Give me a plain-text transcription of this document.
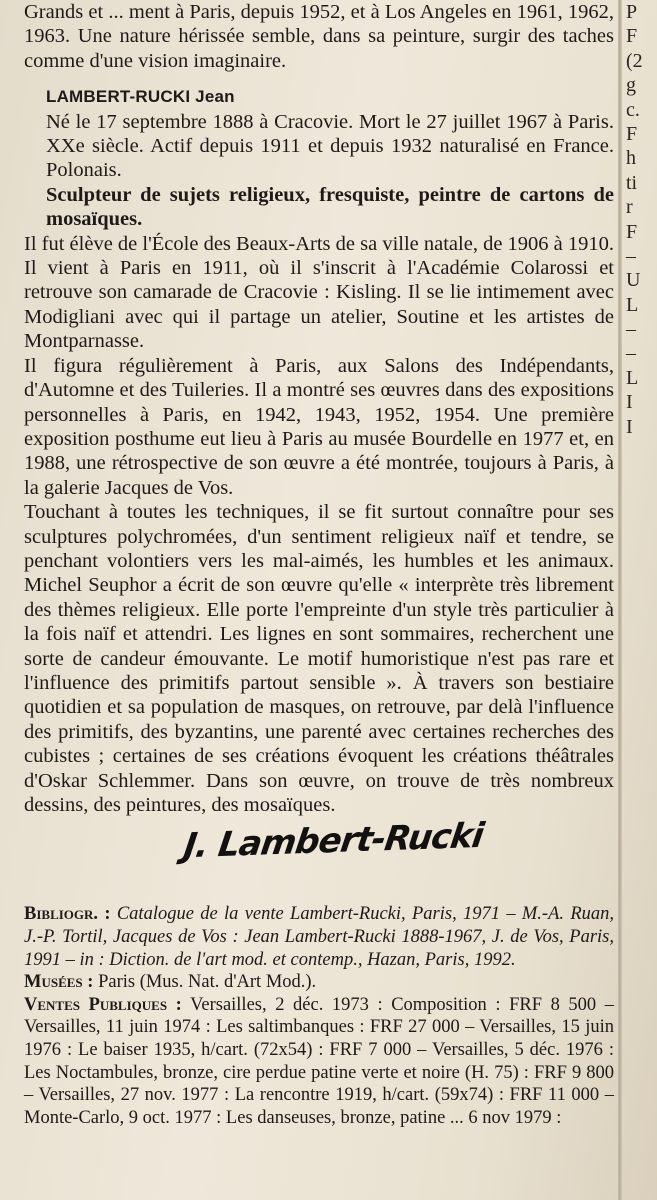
Grands et ... ment à Paris, depuis 1952, et à Los Angeles en 1961, 1962, 1963. Une nature hérissée semble, dans sa peinture, surgir des taches comme d'une vision imaginaire.

LAMBERT-RUCKI Jean

Né le 17 septembre 1888 à Cracovie. Mort le 27 juillet 1967 à Paris. XXe siècle. Actif depuis 1911 et depuis 1932 naturalisé en France. Polonais.

Sculpteur de sujets religieux, fresquiste, peintre de cartons de mosaïques.

Il fut élève de l'École des Beaux-Arts de sa ville natale, de 1906 à 1910. Il vient à Paris en 1911, où il s'inscrit à l'Académie Colarossi et retrouve son camarade de Cracovie : Kisling. Il se lie intimement avec Modigliani avec qui il partage un atelier, Soutine et les artistes de Montparnasse.

Il figura régulièrement à Paris, aux Salons des Indépendants, d'Automne et des Tuileries. Il a montré ses œuvres dans des expositions personnelles à Paris, en 1942, 1943, 1952, 1954. Une première exposition posthume eut lieu à Paris au musée Bourdelle en 1977 et, en 1988, une rétrospective de son œuvre a été montrée, toujours à Paris, à la galerie Jacques de Vos.

Touchant à toutes les techniques, il se fit surtout connaître pour ses sculptures polychromées, d'un sentiment religieux naïf et tendre, se penchant volontiers vers les mal-aimés, les humbles et les animaux. Michel Seuphor a écrit de son œuvre qu'elle « interprète très librement des thèmes religieux. Elle porte l'empreinte d'un style très particulier à la fois naïf et attendri. Les lignes en sont sommaires, recherchent une sorte de candeur émouvante. Le motif humoristique n'est pas rare et l'influence des primitifs partout sensible ». À travers son bestiaire quotidien et sa population de masques, on retrouve, par delà l'influence des primitifs, des byzantins, une parenté avec certaines recherches des cubistes ; certaines de ses créations évoquent les créations théâtrales d'Oskar Schlemmer. Dans son œuvre, on trouve de très nombreux dessins, des peintures, des mosaïques.

J. Lambert-Rucki

Bibliogr. : Catalogue de la vente Lambert-Rucki, Paris, 1971 – M.-A. Ruan, J.-P. Tortil, Jacques de Vos : Jean Lambert-Rucki 1888-1967, J. de Vos, Paris, 1991 – in : Diction. de l'art mod. et contemp., Hazan, Paris, 1992.

Musées : Paris (Mus. Nat. d'Art Mod.).

Ventes Publiques : Versailles, 2 déc. 1973 : Composition : FRF 8 500 – Versailles, 11 juin 1974 : Les saltimbanques : FRF 27 000 – Versailles, 15 juin 1976 : Le baiser 1935, h/cart. (72x54) : FRF 7 000 – Versailles, 5 déc. 1976 : Les Noctambules, bronze, cire perdue patine verte et noire (H. 75) : FRF 9 800 – Versailles, 27 nov. 1977 : La rencontre 1919, h/cart. (59x74) : FRF 11 000 – Monte-Carlo, 9 oct. 1977 : Les danseuses, bronze, patine ... 6 nov 1979 :

P
F
(2
g
c.
F
h
ti
r
F
–
U
L
–
–
L
I
I
